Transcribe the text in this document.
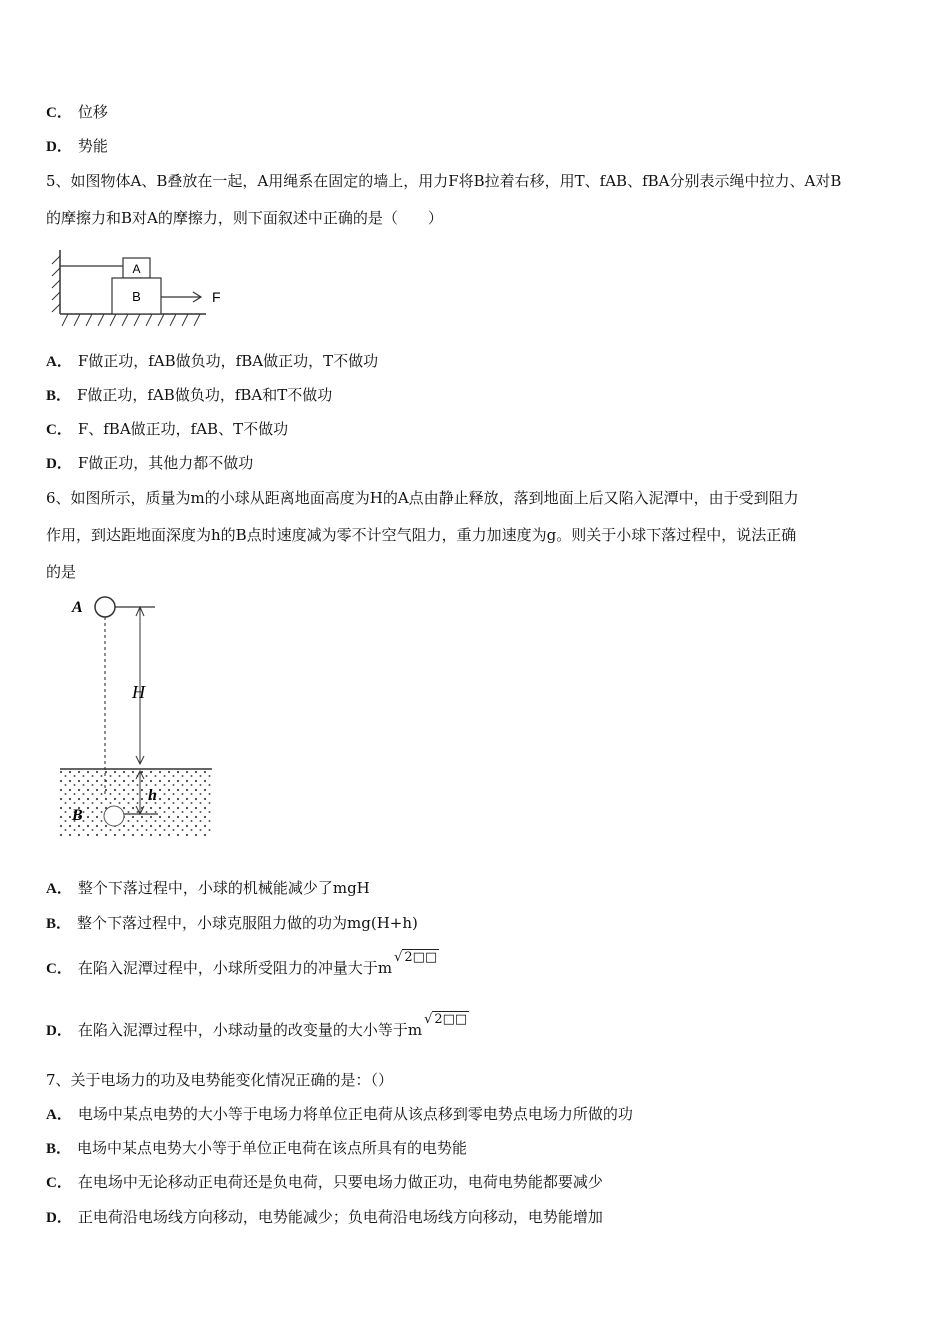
C． 位移
D． 势能
5、如图物体A、B叠放在一起，A用绳系在固定的墙上，用力F将B拉着右移，用T、fAB、fBA分别表示绳中拉力、A对B
的摩擦力和B对A的摩擦力，则下面叙述中正确的是（　　）
A
B	F
A． F做正功，fAB做负功，fBA做正功，T不做功
B． F做正功，fAB做负功，fBA和T不做功
C． F、fBA做正功，fAB、T不做功
D． F做正功，其他力都不做功
6、如图所示，质量为m的小球从距离地面高度为H的A点由静止释放，落到地面上后又陷入泥潭中，由于受到阻力
作用，到达距地面深度为h的B点时速度减为零不计空气阻力，重力加速度为g。则关于小球下落过程中，说法正确
的是
A
H
h
B
A． 整个下落过程中，小球的机械能减少了mgH
B． 整个下落过程中，小球克服阻力做的功为mg(H+h)
C． 在陷入泥潭过程中，小球所受阻力的冲量大于m√ 2□□
D． 在陷入泥潭过程中，小球动量的改变量的大小等于m√ 2□□
7、关于电场力的功及电势能变化情况正确的是：（）
A． 电场中某点电势的大小等于电场力将单位正电荷从该点移到零电势点电场力所做的功
B． 电场中某点电势大小等于单位正电荷在该点所具有的电势能
C． 在电场中无论移动正电荷还是负电荷，只要电场力做正功，电荷电势能都要减少
D． 正电荷沿电场线方向移动，电势能减少；负电荷沿电场线方向移动，电势能增加
